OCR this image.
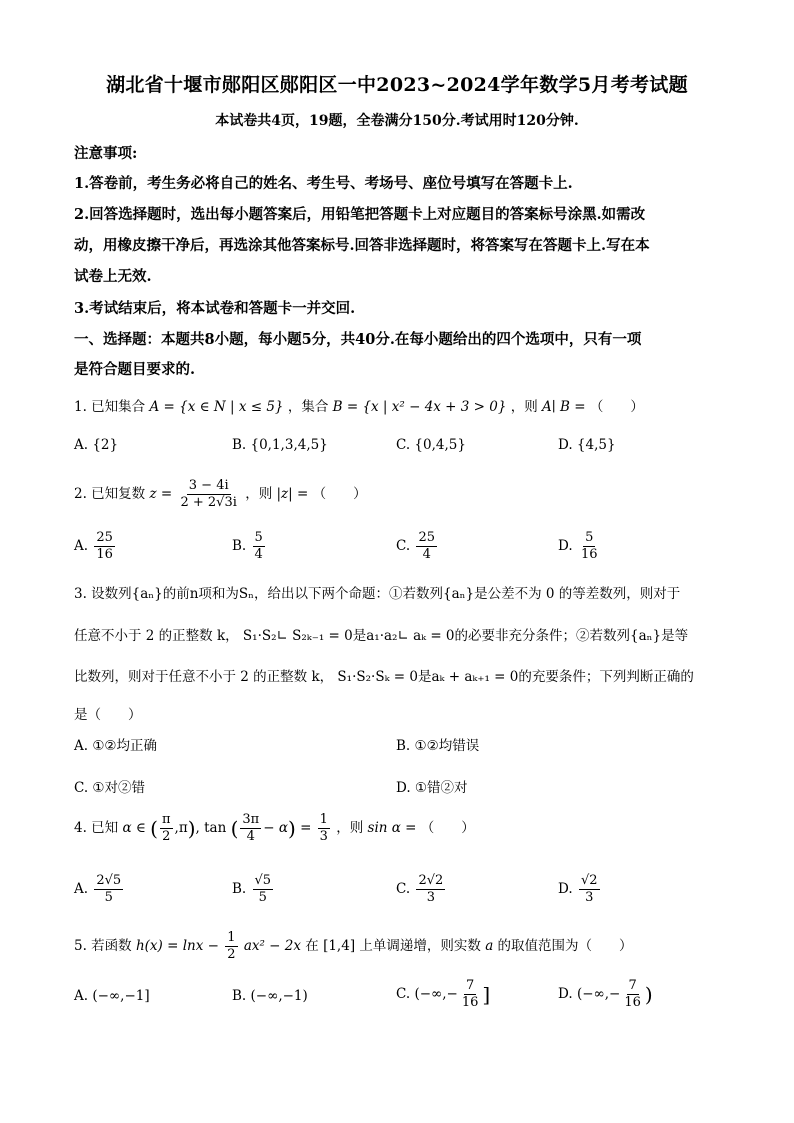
湖北省十堰市郧阳区郧阳区一中2023~2024学年数学5月考考试题
本试卷共4页，19题，全卷满分150分.考试用时120分钟.
注意事项:
1.答卷前，考生务必将自己的姓名、考生号、考场号、座位号填写在答题卡上.
2.回答选择题时，选出每小题答案后，用铅笔把答题卡上对应题目的答案标号涂黑.如需改
动，用橡皮擦干净后，再选涂其他答案标号.回答非选择题时，将答案写在答题卡上.写在本
试卷上无效.
3.考试结束后，将本试卷和答题卡一并交回.
一、选择题：本题共8小题，每小题5分，共40分.在每小题给出的四个选项中，只有一项
是符合题目要求的.
1. 已知集合 A = {x ∈ N | x ≤ 5} ，集合 B = {x | x² − 4x + 3 > 0} ，则 A∣ B = （　　）
A. {2}	B. {0,1,3,4,5}	C. {0,4,5}	D. {4,5}
2. 已知复数 $z = \frac{3 - 4i}{2 + 2√3i}$ ，则 |z| = （　　）
A. $\frac{25}{16}$	B. $\frac{5}{4}$	C. $\frac{25}{4}$	D. $\frac{5}{16}$
3. 设数列{aₙ}的前n项和为Sₙ，给出以下两个命题：①若数列{aₙ}是公差不为 0 的等差数列，则对于
任意不小于 2 的正整数 k， S₁·S₂∟ S₂ₖ₋₁ = 0是a₁·a₂∟ aₖ = 0的必要非充分条件；②若数列{aₙ}是等
比数列，则对于任意不小于 2 的正整数 k， S₁·S₂·Sₖ = 0是aₖ + aₖ₊₁ = 0的充要条件；下列判断正确的
是（　　）
A. ①②均正确	B. ①②均错误
C. ①对②错	D. ①错②对
4. 已知 α ∈ ( $\frac{\pi}{2} ,\pi$), tan ( $\frac{3\pi}{4} - \alpha) = \frac{1}{3}$ ，则 sin α = （　　）
A. $\frac{2√5}{5}$	B. $\frac{√5}{5}$	C. $\frac{2√2}{3}$	D. $\frac{√2}{3}$
5. 若函数 $h(x) = \ln x - \frac{1}{2} ax^2 - 2x$ 在 [1,4] 上单调递增，则实数 a 的取值范围为（　　）
A. (−∞,−1]	B. (−∞,−1)	C. (−∞,− $\frac{7}{16}$ ]	D. (−∞,− $\frac{7}{16}$ )
